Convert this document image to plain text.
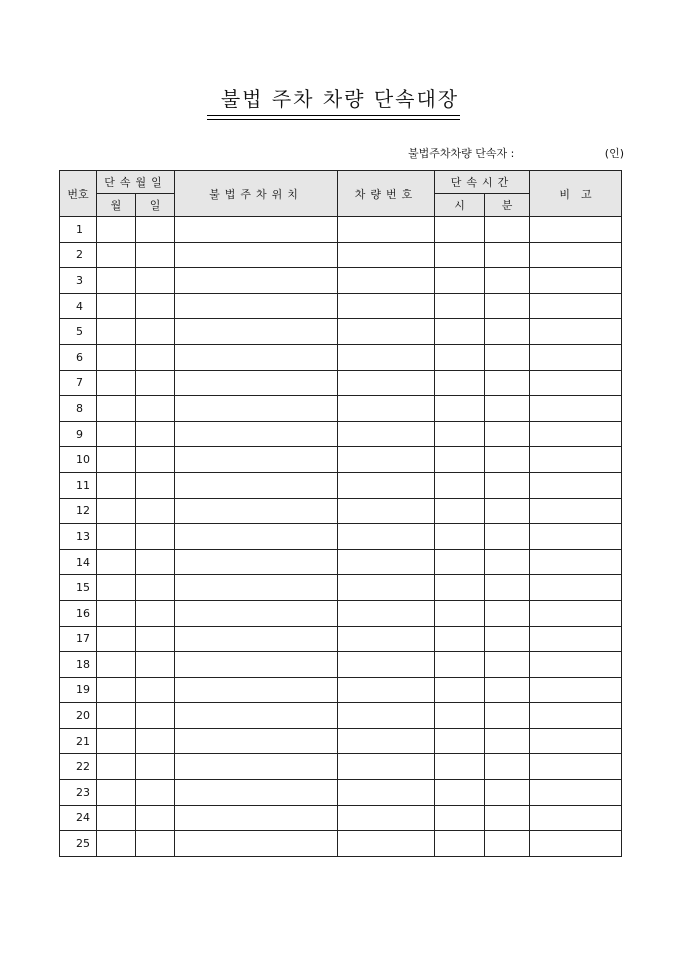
불법 주차 차량 단속대장
불법주차차량 단속자 :	(인)
번호	단속월일		불법주차위치	차량번호	단속시간		비　고
	월	일			시	분	
1							
2							
3							
4							
5							
6							
7							
8							
9							
10							
11							
12							
13							
14							
15							
16							
17							
18							
19							
20							
21							
22							
23							
24							
25							
